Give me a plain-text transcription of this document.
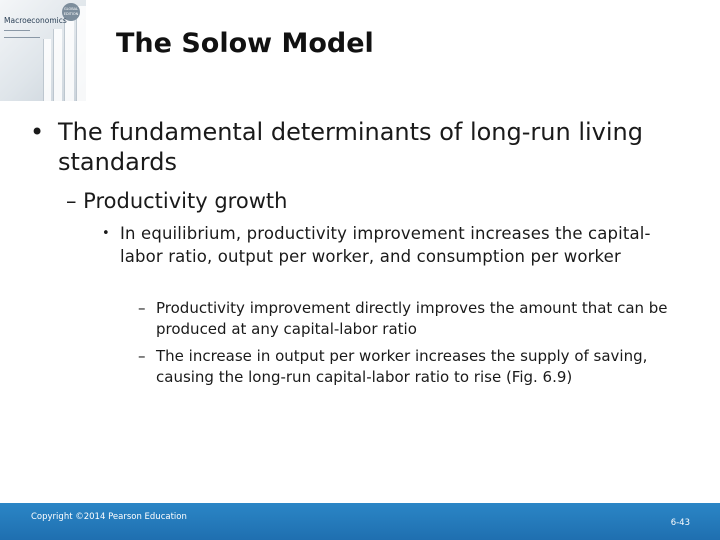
GLOBAL EDITION
Macroeconomics
The Solow Model
• The fundamental determinants of long-run living standards
– Productivity growth
• In equilibrium, productivity improvement increases the capital-labor ratio, output per worker, and consumption per worker
– Productivity improvement directly improves the amount that can be produced at any capital-labor ratio
– The increase in output per worker increases the supply of saving, causing the long-run capital-labor ratio to rise (Fig. 6.9)
Copyright ©2014 Pearson Education
6-43
